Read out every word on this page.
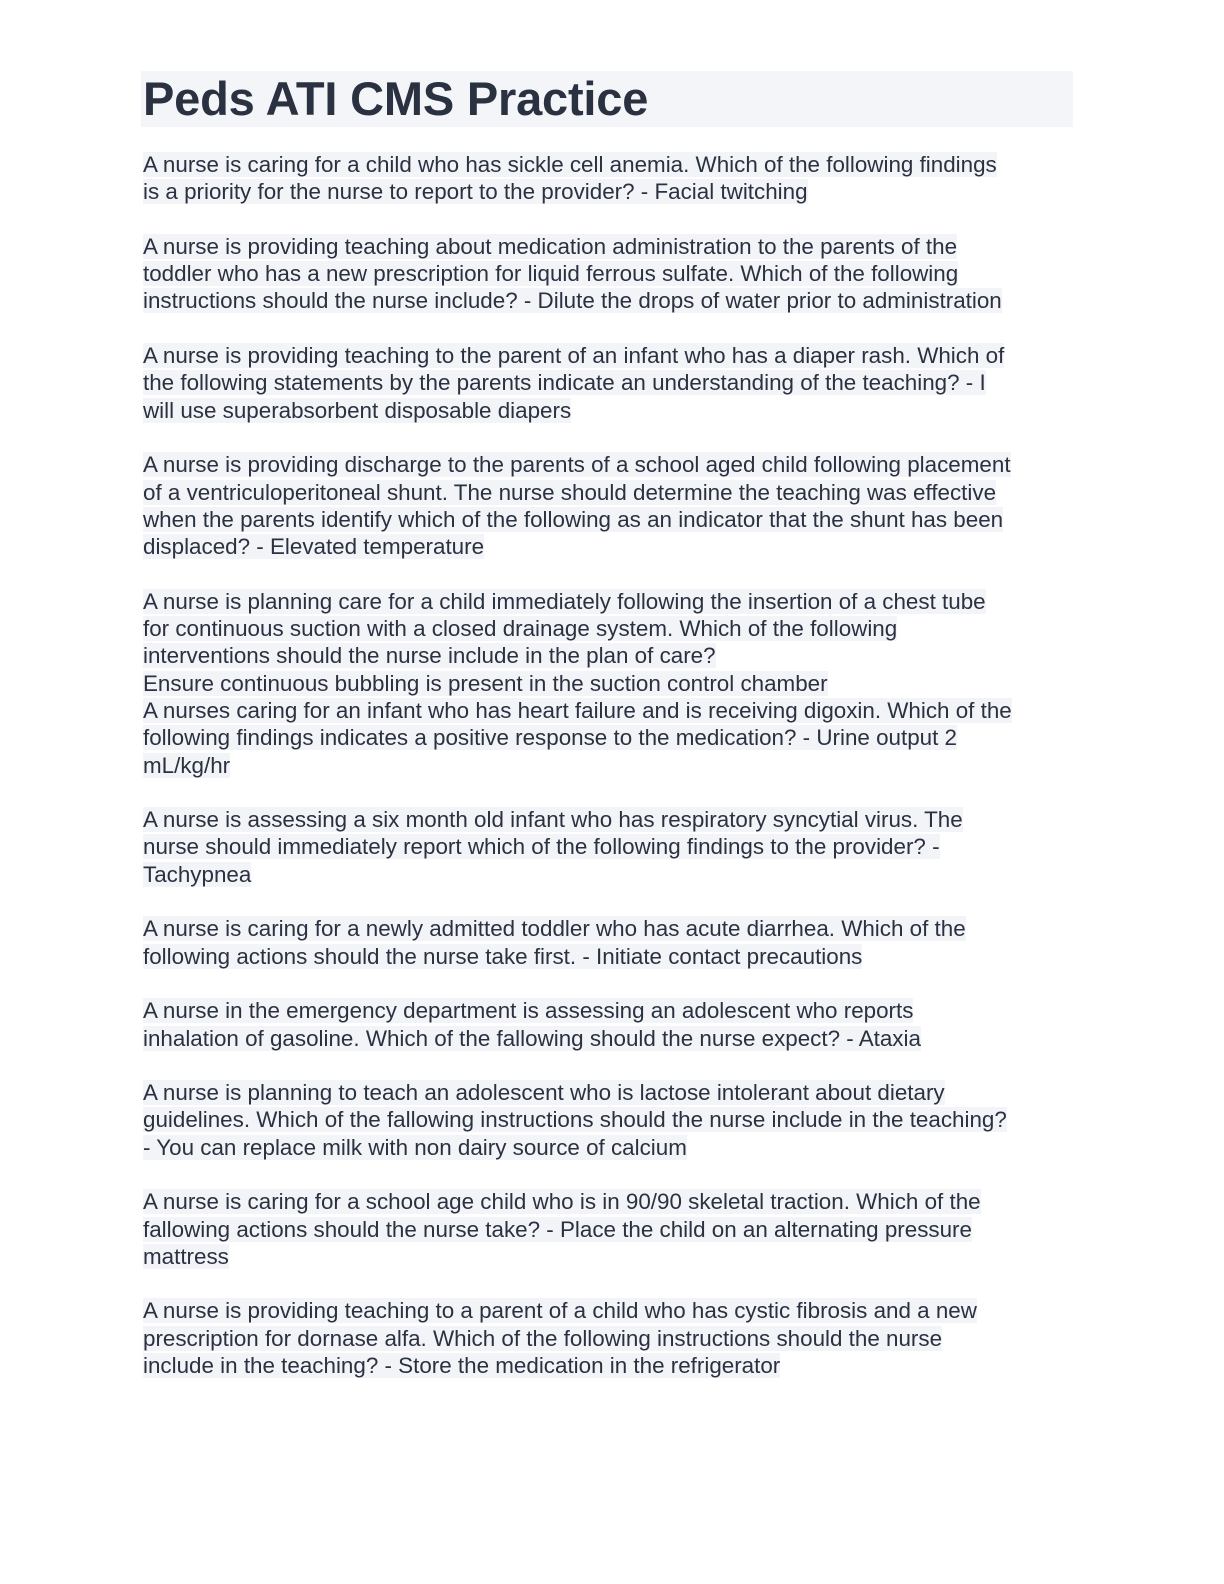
Peds ATI CMS Practice

A nurse is caring for a child who has sickle cell anemia. Which of the following findings
is a priority for the nurse to report to the provider? - Facial twitching

A nurse is providing teaching about medication administration to the parents of the
toddler who has a new prescription for liquid ferrous sulfate. Which of the following
instructions should the nurse include? - Dilute the drops of water prior to administration

A nurse is providing teaching to the parent of an infant who has a diaper rash. Which of
the following statements by the parents indicate an understanding of the teaching? - I
will use superabsorbent disposable diapers

A nurse is providing discharge to the parents of a school aged child following placement
of a ventriculoperitoneal shunt. The nurse should determine the teaching was effective
when the parents identify which of the following as an indicator that the shunt has been
displaced? - Elevated temperature

A nurse is planning care for a child immediately following the insertion of a chest tube
for continuous suction with a closed drainage system. Which of the following
interventions should the nurse include in the plan of care?
Ensure continuous bubbling is present in the suction control chamber

A nurses caring for an infant who has heart failure and is receiving digoxin. Which of the
following findings indicates a positive response to the medication? - Urine output 2
mL/kg/hr

A nurse is assessing a six month old infant who has respiratory syncytial virus. The
nurse should immediately report which of the following findings to the provider? -
Tachypnea

A nurse is caring for a newly admitted toddler who has acute diarrhea. Which of the
following actions should the nurse take first. - Initiate contact precautions

A nurse in the emergency department is assessing an adolescent who reports
inhalation of gasoline. Which of the fallowing should the nurse expect? - Ataxia

A nurse is planning to teach an adolescent who is lactose intolerant about dietary
guidelines. Which of the fallowing instructions should the nurse include in the teaching?
- You can replace milk with non dairy source of calcium

A nurse is caring for a school age child who is in 90/90 skeletal traction. Which of the
fallowing actions should the nurse take? - Place the child on an alternating pressure
mattress

A nurse is providing teaching to a parent of a child who has cystic fibrosis and a new
prescription for dornase alfa. Which of the following instructions should the nurse
include in the teaching? - Store the medication in the refrigerator
